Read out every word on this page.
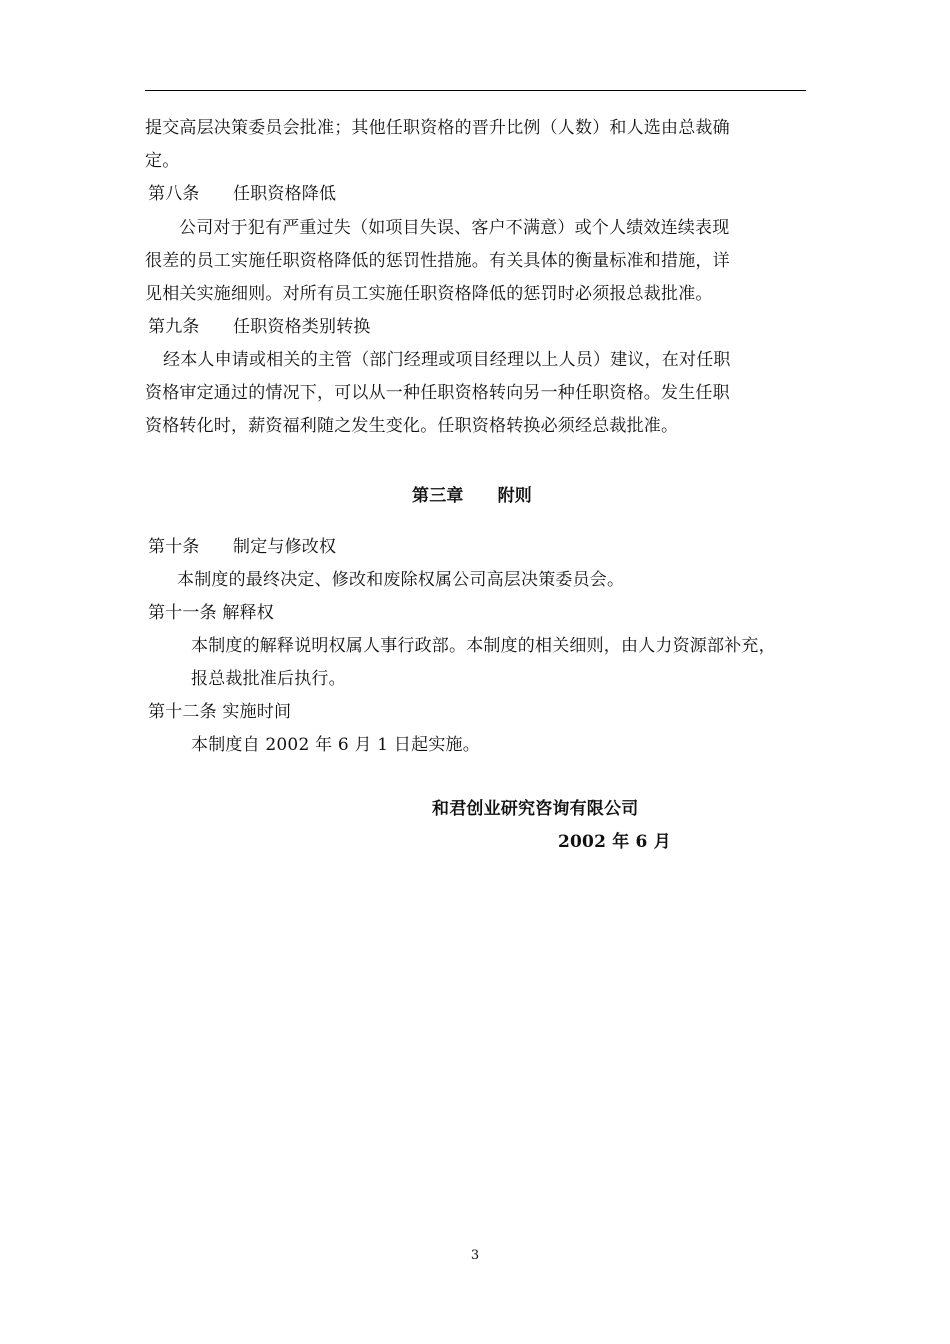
提交高层决策委员会批准；其他任职资格的晋升比例（人数）和人选由总裁确
定。
第八条 任职资格降低
公司对于犯有严重过失（如项目失误、客户不满意）或个人绩效连续表现
很差的员工实施任职资格降低的惩罚性措施。有关具体的衡量标准和措施，详
见相关实施细则。对所有员工实施任职资格降低的惩罚时必须报总裁批准。
第九条 任职资格类别转换
经本人申请或相关的主管（部门经理或项目经理以上人员）建议，在对任职
资格审定通过的情况下，可以从一种任职资格转向另一种任职资格。发生任职
资格转化时，薪资福利随之发生变化。任职资格转换必须经总裁批准。
第三章 附则
第十条 制定与修改权
本制度的最终决定、修改和废除权属公司高层决策委员会。
第十一条 解释权
本制度的解释说明权属人事行政部。本制度的相关细则，由人力资源部补充，
报总裁批准后执行。
第十二条 实施时间
本制度自 2002 年 6 月 1 日起实施。
和君创业研究咨询有限公司
2002 年 6 月
3
